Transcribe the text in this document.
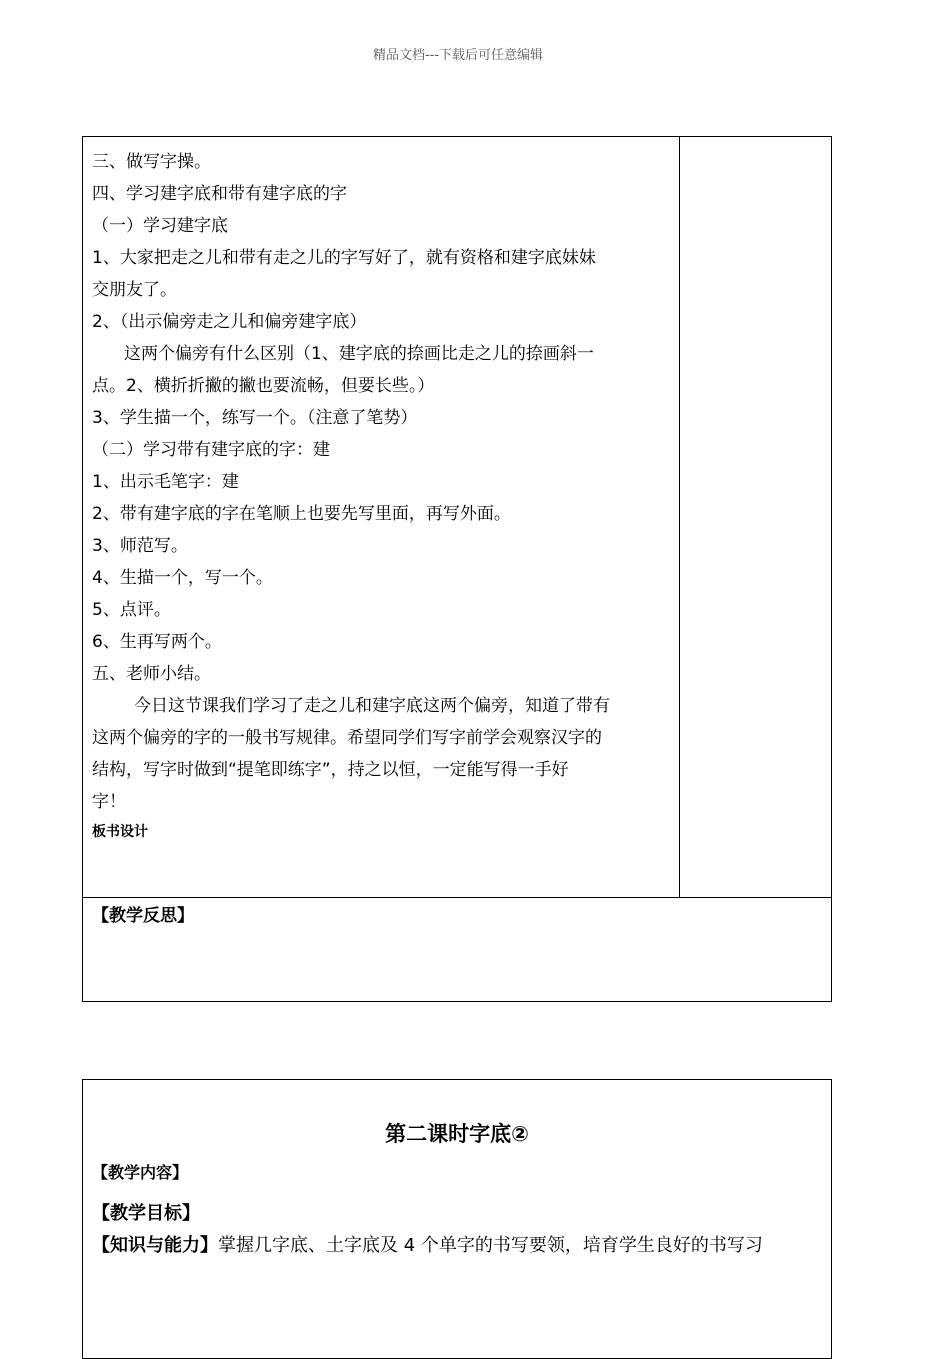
精品文档---下载后可任意编辑
三、做写字操。
四、学习建字底和带有建字底的字
（一）学习建字底
1、大家把走之儿和带有走之儿的字写好了，就有资格和建字底妹妹
交朋友了。
2、（出示偏旁走之儿和偏旁建字底）
这两个偏旁有什么区别（1、建字底的捺画比走之儿的捺画斜一
点。2、横折折撇的撇也要流畅，但要长些。）
3、学生描一个，练写一个。（注意了笔势）
（二）学习带有建字底的字：建
1、出示毛笔字：建
2、带有建字底的字在笔顺上也要先写里面，再写外面。
3、师范写。
4、生描一个，写一个。
5、点评。
6、生再写两个。
五、老师小结。
今日这节课我们学习了走之儿和建字底这两个偏旁，知道了带有
这两个偏旁的字的一般书写规律。希望同学们写字前学会观察汉字的
结构，写字时做到“提笔即练字”，持之以恒，一定能写得一手好
字！
板书设计
【教学反思】
第二课时字底②
【教学内容】
【教学目标】
【知识与能力】掌握几字底、土字底及 4 个单字的书写要领，培育学生良好的书写习
